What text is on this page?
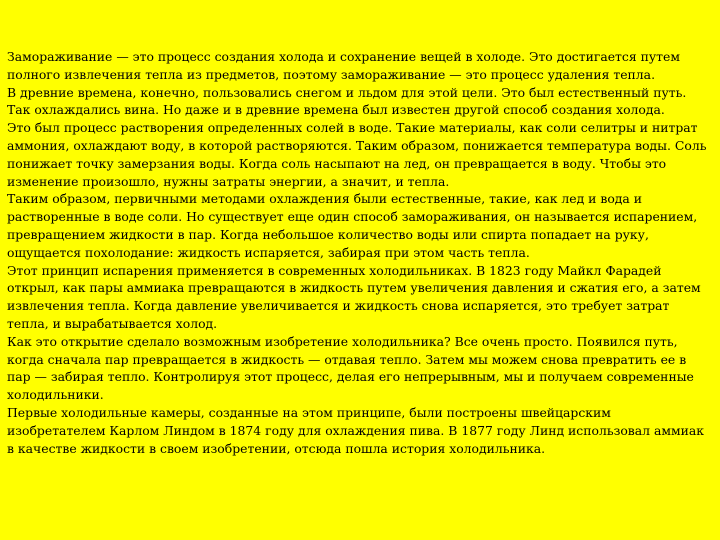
Замораживание — это процесс создания холода и сохранение вещей в холоде. Это достигается путем полного извлечения тепла из предметов, поэтому замораживание — это процесс удаления тепла.
В древние времена, конечно, пользовались снегом и льдом для этой цели. Это был естественный путь. Так охлаждались вина. Но даже и в древние времена был известен другой способ создания холода.
Это был процесс растворения определенных солей в воде. Такие материалы, как соли селитры и нитрат аммония, охлаждают воду, в которой растворяются. Таким образом, понижается температура воды. Соль понижает точку замерзания воды. Когда соль насыпают на лед, он превращается в воду. Чтобы это изменение произошло, нужны затраты энергии, а значит, и тепла.
Таким образом, первичными методами охлаждения были естественные, такие, как лед и вода и растворенные в воде соли. Но существует еще один способ замораживания, он называется испарением, превращением жидкости в пар. Когда небольшое количество воды или спирта попадает на руку, ощущается похолодание: жидкость испаряется, забирая при этом часть тепла.
Этот принцип испарения применяется в современных холодильниках. В 1823 году Майкл Фарадей открыл, как пары аммиака превращаются в жидкость путем увеличения давления и сжатия его, а затем извлечения тепла. Когда давление увеличивается и жидкость снова испаряется, это требует затрат тепла, и вырабатывается холод.
Как это открытие сделало возможным изобретение холодильника? Все очень просто. Появился путь, когда сначала пар превращается в жидкость — отдавая тепло. Затем мы можем снова превратить ее в пар — забирая тепло. Контролируя этот процесс, делая его непрерывным, мы и получаем современные холодильники.
Первые холодильные камеры, созданные на этом принципе, были построены швейцарским изобретателем Карлом Линдом в 1874 году для охлаждения пива. В 1877 году Линд использовал аммиак в качестве жидкости в своем изобретении, отсюда пошла история холодильника.
